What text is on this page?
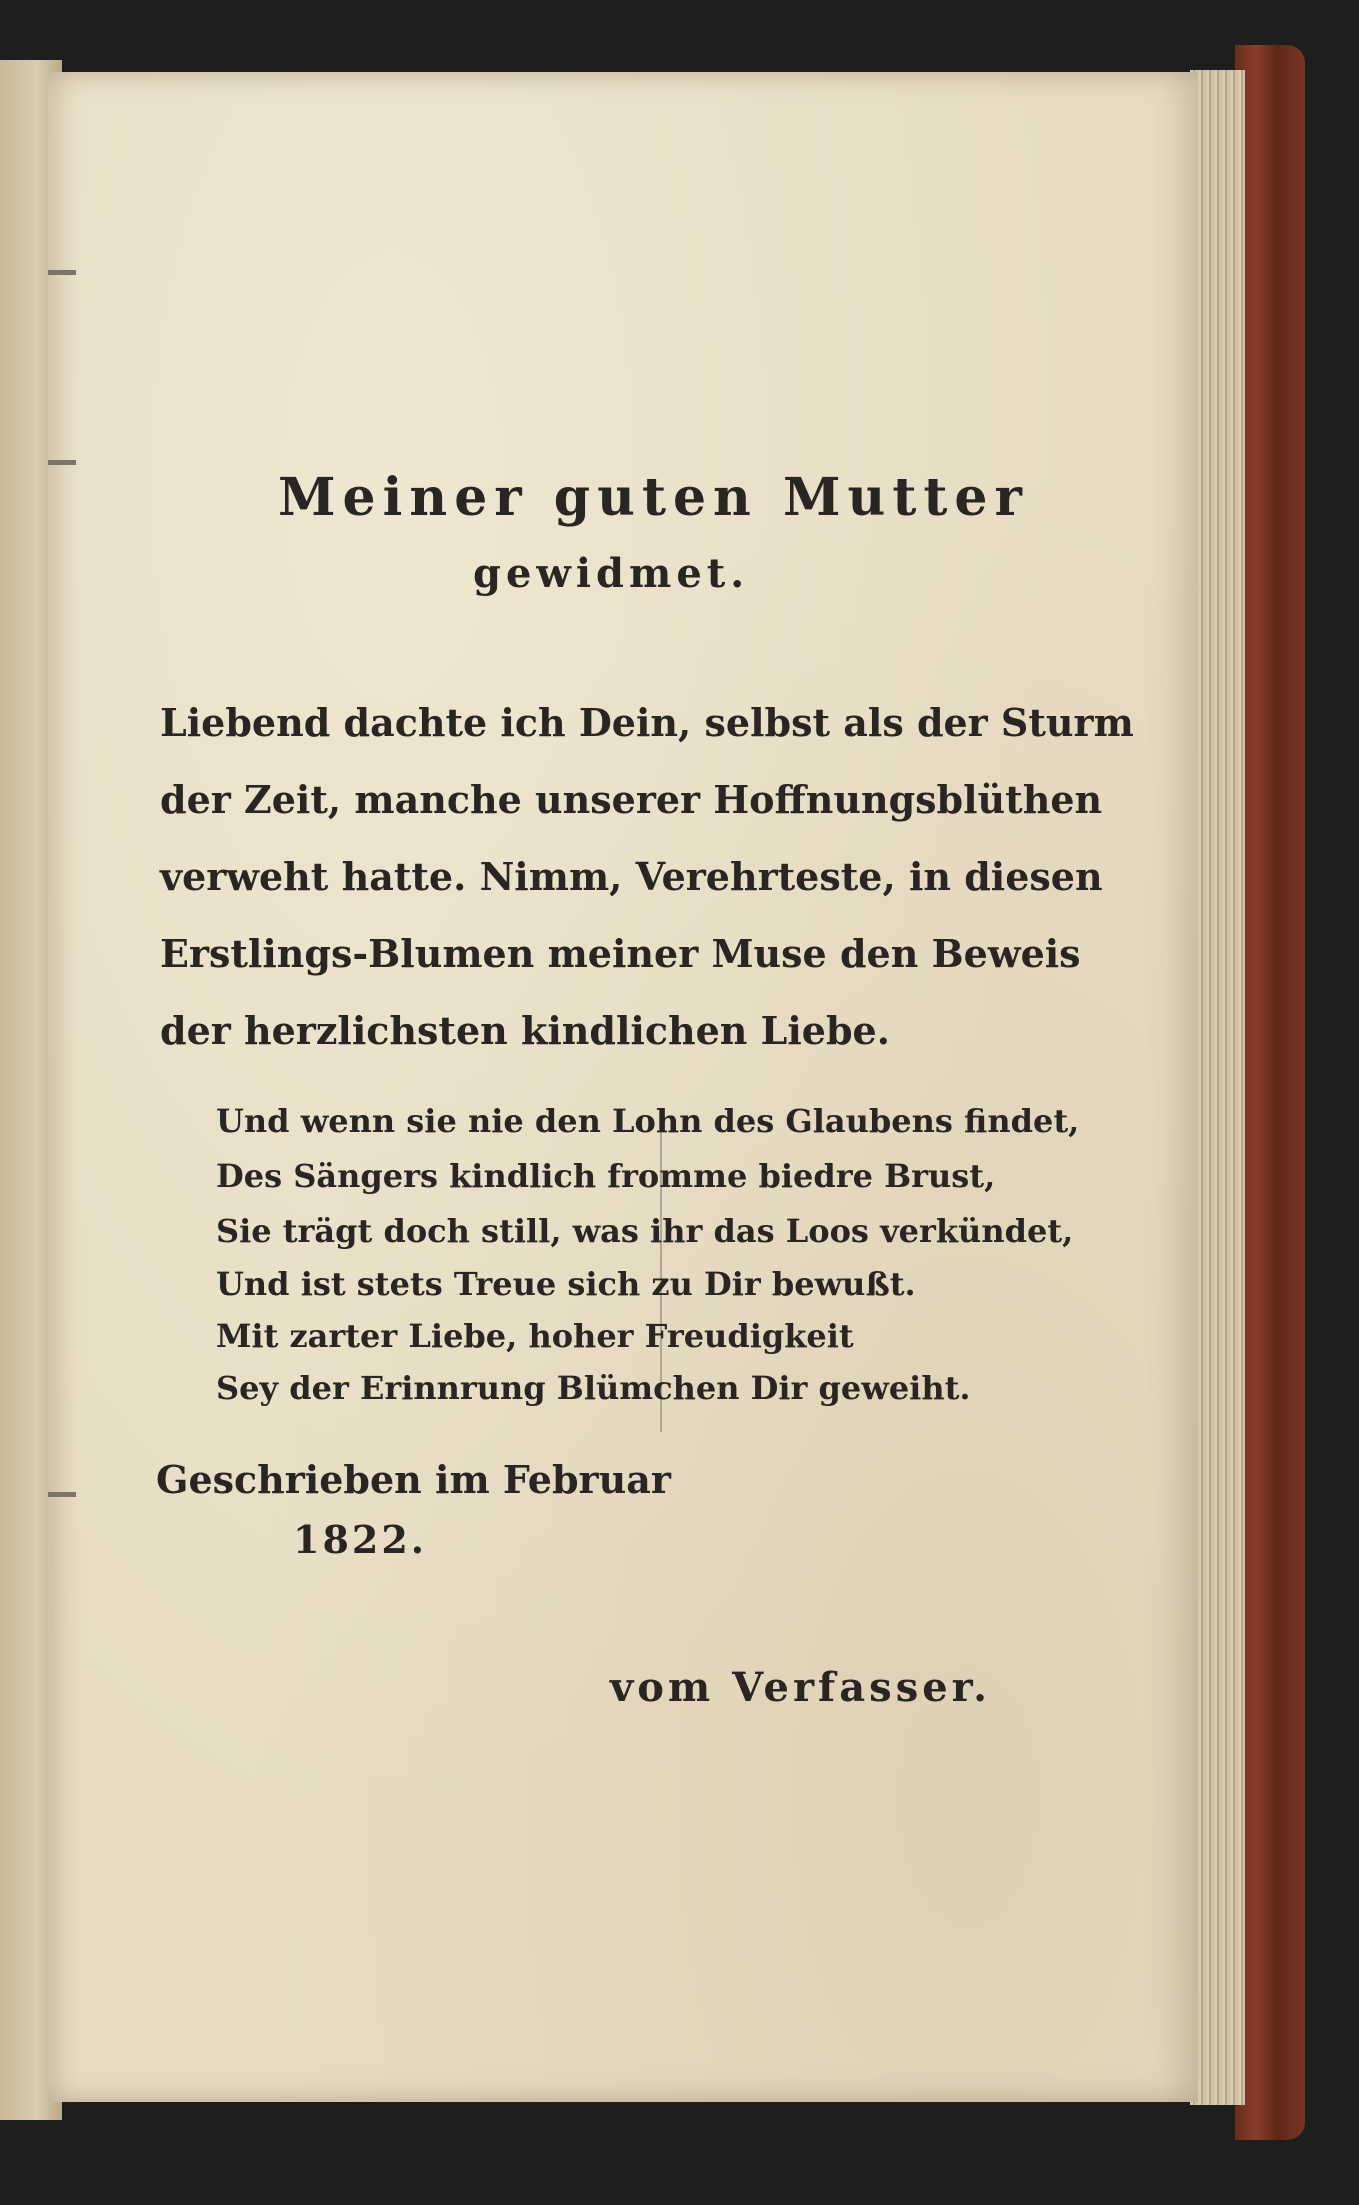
Meiner guten Mutter
gewidmet.
Liebend dachte ich Dein, selbst als der Sturm
der Zeit, manche unserer Hoffnungsblüthen
verweht hatte. Nimm, Verehrteste, in diesen
Erstlings-Blumen meiner Muse den Beweis
der herzlichsten kindlichen Liebe.
Und wenn sie nie den Lohn des Glaubens findet,
Des Sängers kindlich fromme biedre Brust,
Sie trägt doch still, was ihr das Loos verkündet,
Und ist stets Treue sich zu Dir bewußt.
Mit zarter Liebe, hoher Freudigkeit
Sey der Erinnrung Blümchen Dir geweiht.
Geschrieben im Februar
1822.
vom Verfasser.
